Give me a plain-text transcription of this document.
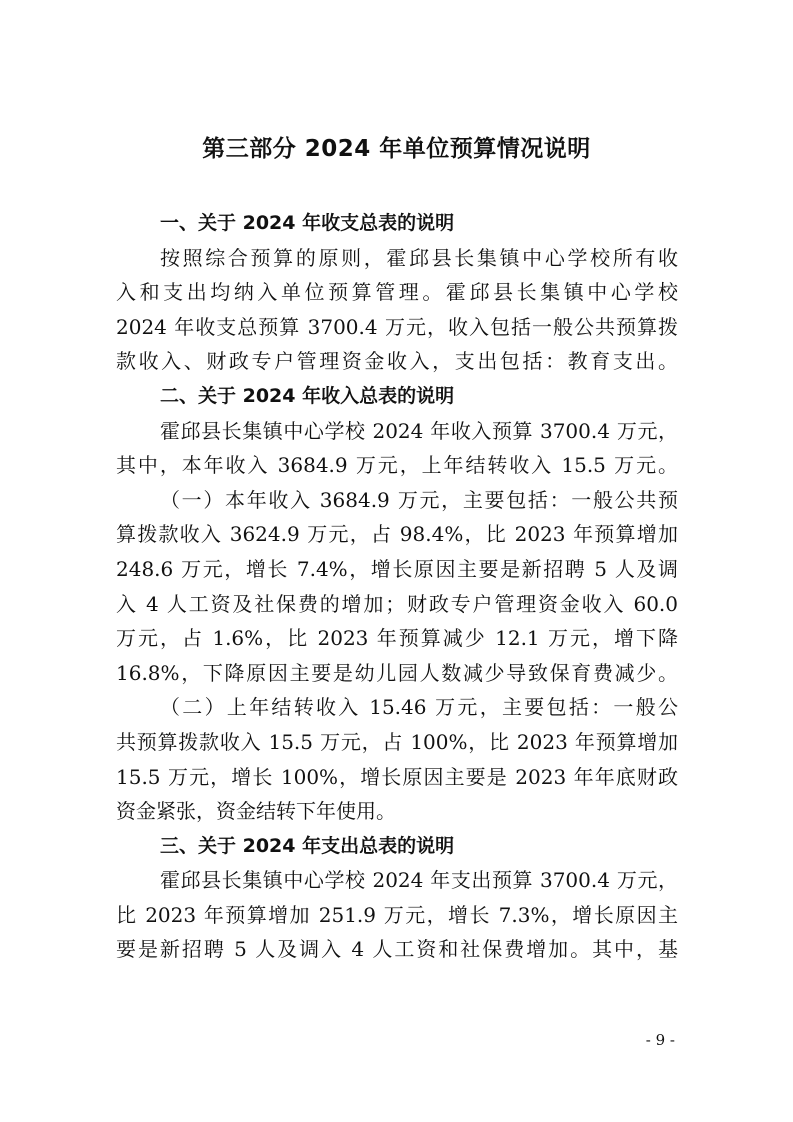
第三部分 2024 年单位预算情况说明
一、关于 2024 年收支总表的说明
按照综合预算的原则，霍邱县长集镇中心学校所有收
入和支出均纳入单位预算管理。霍邱县长集镇中心学校
2024 年收支总预算 3700.4 万元，收入包括一般公共预算拨
款收入、财政专户管理资金收入，支出包括：教育支出。
二、关于 2024 年收入总表的说明
霍邱县长集镇中心学校 2024 年收入预算 3700.4 万元，
其中，本年收入 3684.9 万元，上年结转收入 15.5 万元。
（一）本年收入 3684.9 万元，主要包括：一般公共预
算拨款收入 3624.9 万元，占 98.4%，比 2023 年预算增加
248.6 万元，增长 7.4%，增长原因主要是新招聘 5 人及调
入 4 人工资及社保费的增加；财政专户管理资金收入 60.0
万元，占 1.6%，比 2023 年预算减少 12.1 万元，增下降
16.8%，下降原因主要是幼儿园人数减少导致保育费减少。
（二）上年结转收入 15.46 万元，主要包括：一般公
共预算拨款收入 15.5 万元，占 100%，比 2023 年预算增加
15.5 万元，增长 100%，增长原因主要是 2023 年年底财政
资金紧张，资金结转下年使用。
三、关于 2024 年支出总表的说明
霍邱县长集镇中心学校 2024 年支出预算 3700.4 万元，
比 2023 年预算增加 251.9 万元，增长 7.3%，增长原因主
要是新招聘 5 人及调入 4 人工资和社保费增加。其中，基
- 9 -
